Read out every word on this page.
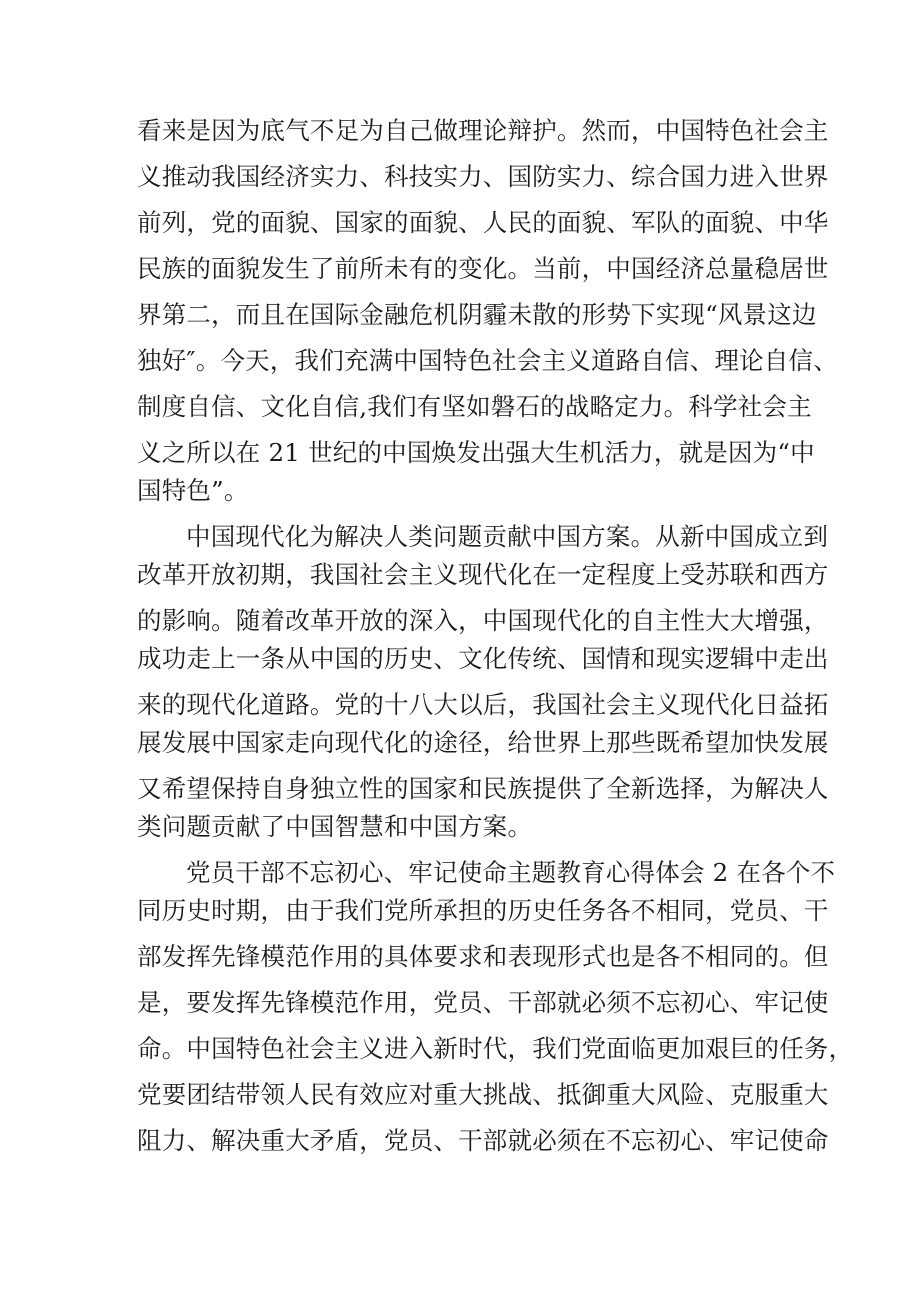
看来是因为底气不足为自己做理论辩护。然而，中国特色社会主
义推动我国经济实力、科技实力、国防实力、综合国力进入世界
前列，党的面貌、国家的面貌、人民的面貌、军队的面貌、中华
民族的面貌发生了前所未有的变化。当前，中国经济总量稳居世
界第二，而且在国际金融危机阴霾未散的形势下实现“风景这边
独好″。今天，我们充满中国特色社会主义道路自信、理论自信、
制度自信、文化自信,我们有坚如磐石的战略定力。科学社会主
义之所以在 21 世纪的中国焕发出强大生机活力，就是因为“中
国特色”。
中国现代化为解决人类问题贡献中国方案。从新中国成立到
改革开放初期，我国社会主义现代化在一定程度上受苏联和西方
的影响。随着改革开放的深入，中国现代化的自主性大大增强，
成功走上一条从中国的历史、文化传统、国情和现实逻辑中走出
来的现代化道路。党的十八大以后，我国社会主义现代化日益拓
展发展中国家走向现代化的途径，给世界上那些既希望加快发展
又希望保持自身独立性的国家和民族提供了全新选择，为解决人
类问题贡献了中国智慧和中国方案。
党员干部不忘初心、牢记使命主题教育心得体会 2 在各个不
同历史时期，由于我们党所承担的历史任务各不相同，党员、干
部发挥先锋模范作用的具体要求和表现形式也是各不相同的。但
是，要发挥先锋模范作用，党员、干部就必须不忘初心、牢记使
命。中国特色社会主义进入新时代，我们党面临更加艰巨的任务，
党要团结带领人民有效应对重大挑战、抵御重大风险、克服重大
阻力、解决重大矛盾，党员、干部就必须在不忘初心、牢记使命
